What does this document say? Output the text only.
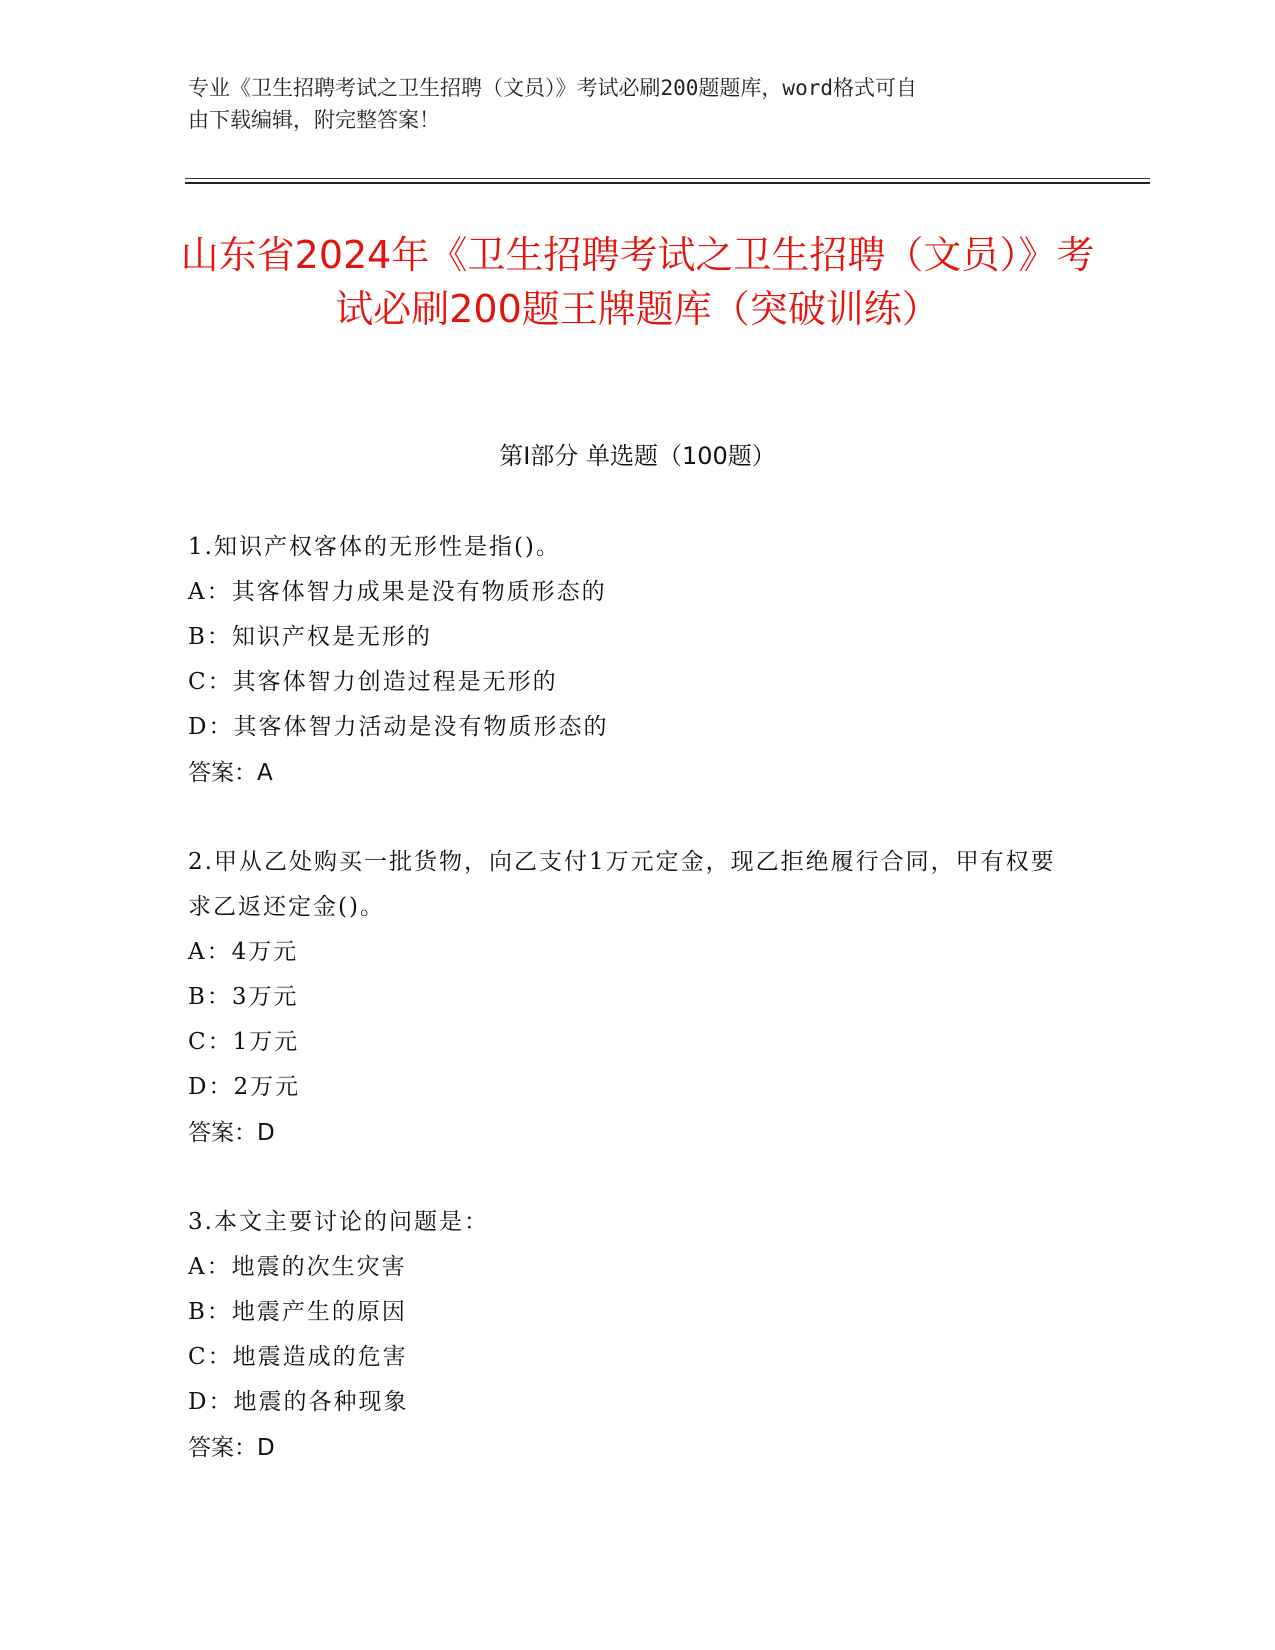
专业《卫生招聘考试之卫生招聘（文员）》考试必刷200题题库，word格式可自
由下载编辑，附完整答案！
山东省2024年《卫生招聘考试之卫生招聘（文员）》考试必刷200题王牌题库（突破训练）
第Ⅰ部分 单选题（100题）
1.知识产权客体的无形性是指()。
A：其客体智力成果是没有物质形态的
B：知识产权是无形的
C：其客体智力创造过程是无形的
D：其客体智力活动是没有物质形态的
答案：A
2.甲从乙处购买一批货物，向乙支付1万元定金，现乙拒绝履行合同，甲有权要求乙返还定金()。
A：4万元
B：3万元
C：1万元
D：2万元
答案：D
3.本文主要讨论的问题是：
A：地震的次生灾害
B：地震产生的原因
C：地震造成的危害
D：地震的各种现象
答案：D
